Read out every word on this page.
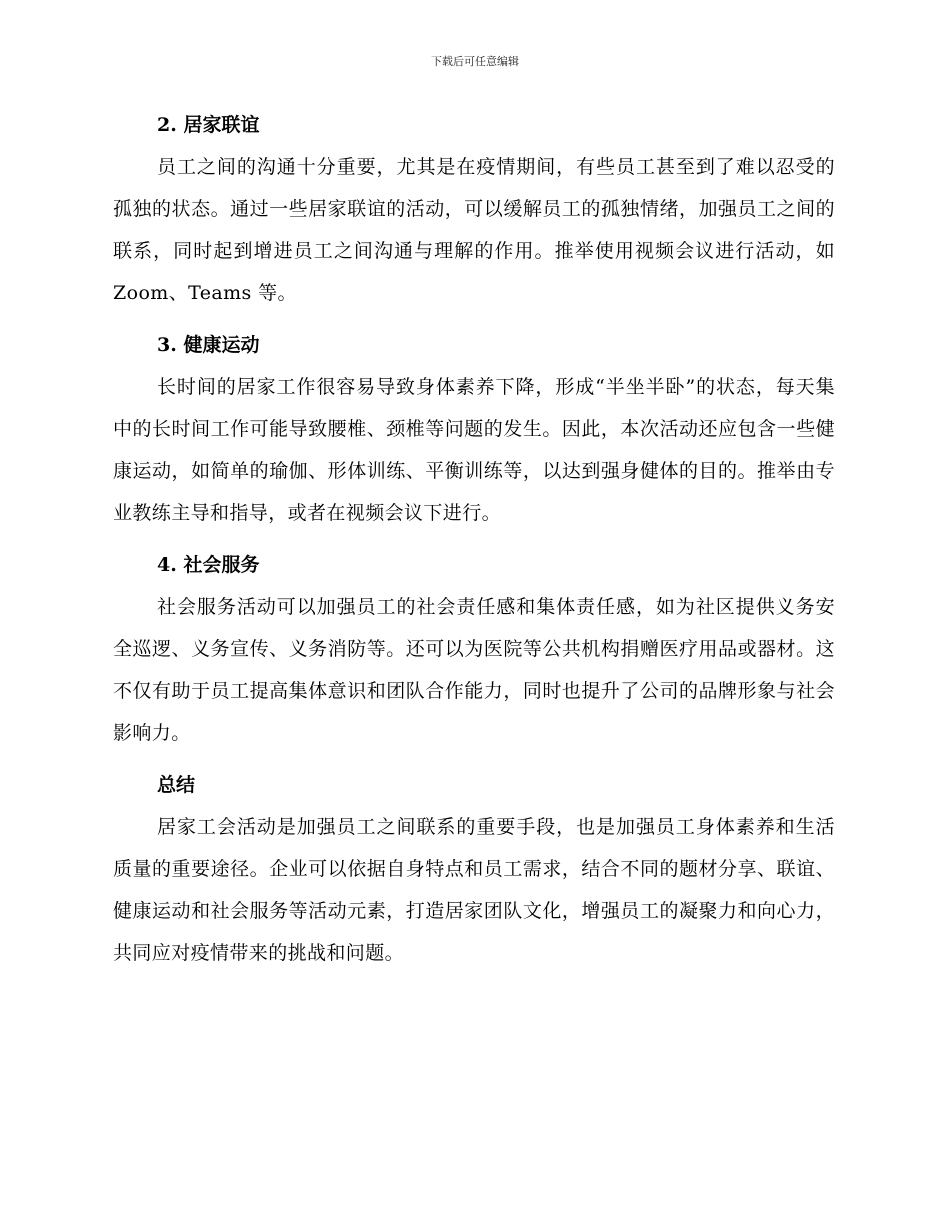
下载后可任意编辑
2. 居家联谊

员工之间的沟通十分重要，尤其是在疫情期间，有些员工甚至到了难以忍受的孤独的状态。通过一些居家联谊的活动，可以缓解员工的孤独情绪，加强员工之间的联系，同时起到增进员工之间沟通与理解的作用。推举使用视频会议进行活动，如 Zoom、Teams 等。

3. 健康运动

长时间的居家工作很容易导致身体素养下降，形成“半坐半卧”的状态，每天集中的长时间工作可能导致腰椎、颈椎等问题的发生。因此，本次活动还应包含一些健康运动，如简单的瑜伽、形体训练、平衡训练等，以达到强身健体的目的。推举由专业教练主导和指导，或者在视频会议下进行。

4. 社会服务

社会服务活动可以加强员工的社会责任感和集体责任感，如为社区提供义务安全巡逻、义务宣传、义务消防等。还可以为医院等公共机构捐赠医疗用品或器材。这不仅有助于员工提高集体意识和团队合作能力，同时也提升了公司的品牌形象与社会影响力。

总结

居家工会活动是加强员工之间联系的重要手段，也是加强员工身体素养和生活质量的重要途径。企业可以依据自身特点和员工需求，结合不同的题材分享、联谊、健康运动和社会服务等活动元素，打造居家团队文化，增强员工的凝聚力和向心力，共同应对疫情带来的挑战和问题。
